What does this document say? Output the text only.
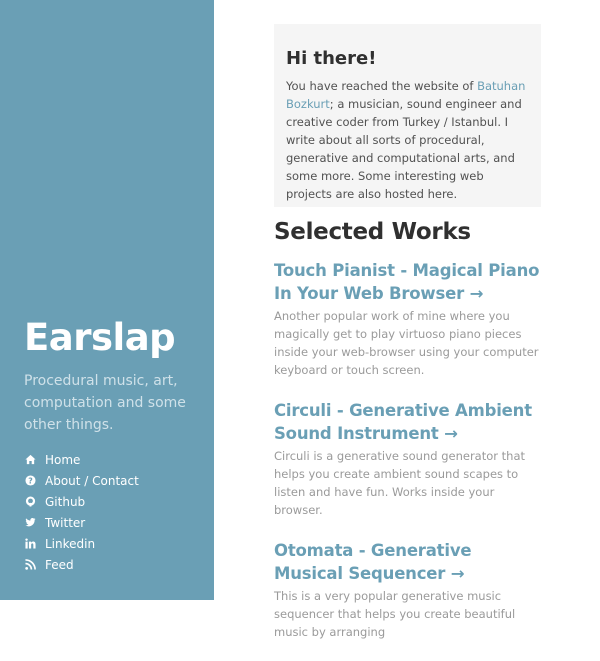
Earslap
Procedural music, art, computation and some other things.
Home
? About / Contact
Github
Twitter
Linkedin
Feed
Hi there!

You have reached the website of Batuhan Bozkurt; a musician, sound engineer and creative coder from Turkey / Istanbul. I write about all sorts of procedural, generative and computational arts, and some more. Some interesting web projects are also hosted here.

Selected Works
Touch Pianist - Magical Piano In Your Web Browser →

Another popular work of mine where you magically get to play virtuoso piano pieces inside your web-browser using your computer keyboard or touch screen.

Circuli - Generative Ambient Sound Instrument →

Circuli is a generative sound generator that helps you create ambient sound scapes to listen and have fun. Works inside your browser.

Otomata - Generative Musical Sequencer →

This is a very popular generative music sequencer that helps you create beautiful music by arranging
